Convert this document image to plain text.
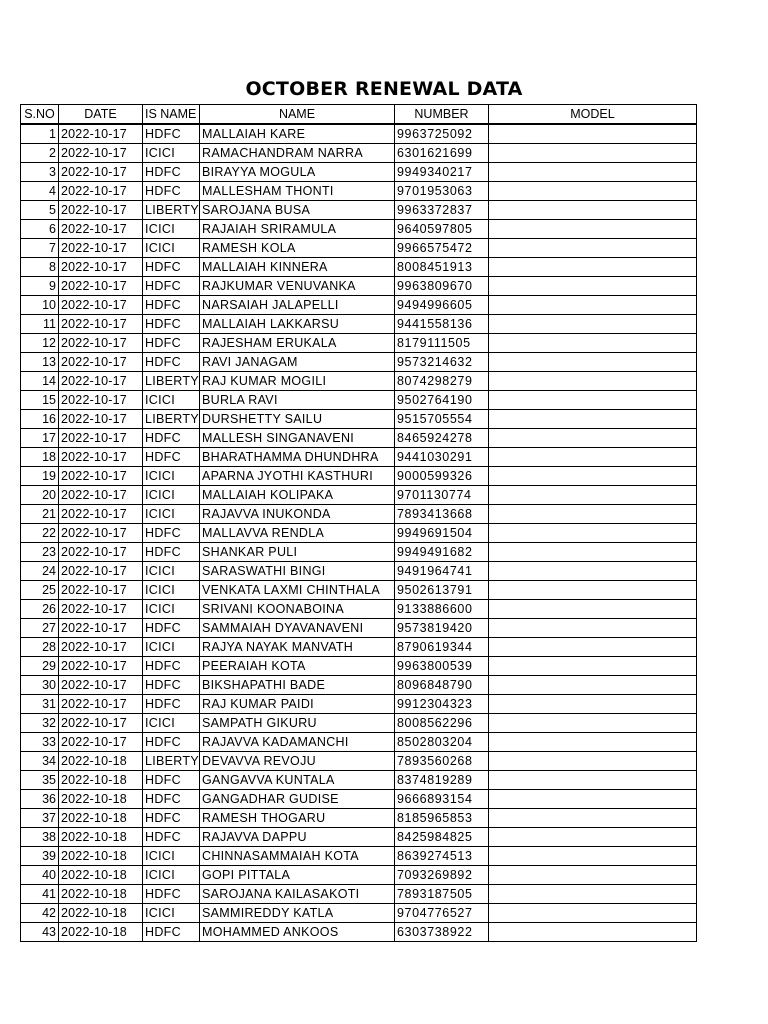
OCTOBER RENEWAL DATA
S.NO	DATE	IS NAME	NAME	NUMBER	MODEL
1	2022-10-17	HDFC	MALLAIAH KARE	9963725092	
2	2022-10-17	ICICI	RAMACHANDRAM NARRA	6301621699	
3	2022-10-17	HDFC	BIRAYYA MOGULA	9949340217	
4	2022-10-17	HDFC	MALLESHAM THONTI	9701953063	
5	2022-10-17	LIBERTY	SAROJANA BUSA	9963372837	
6	2022-10-17	ICICI	RAJAIAH SRIRAMULA	9640597805	
7	2022-10-17	ICICI	RAMESH KOLA	9966575472	
8	2022-10-17	HDFC	MALLAIAH KINNERA	8008451913	
9	2022-10-17	HDFC	RAJKUMAR VENUVANKA	9963809670	
10	2022-10-17	HDFC	NARSAIAH JALAPELLI	9494996605	
11	2022-10-17	HDFC	MALLAIAH LAKKARSU	9441558136	
12	2022-10-17	HDFC	RAJESHAM ERUKALA	8179111505	
13	2022-10-17	HDFC	RAVI JANAGAM	9573214632	
14	2022-10-17	LIBERTY	RAJ KUMAR MOGILI	8074298279	
15	2022-10-17	ICICI	BURLA RAVI	9502764190	
16	2022-10-17	LIBERTY	DURSHETTY SAILU	9515705554	
17	2022-10-17	HDFC	MALLESH SINGANAVENI	8465924278	
18	2022-10-17	HDFC	BHARATHAMMA DHUNDHRA	9441030291	
19	2022-10-17	ICICI	APARNA JYOTHI KASTHURI	9000599326	
20	2022-10-17	ICICI	MALLAIAH KOLIPAKA	9701130774	
21	2022-10-17	ICICI	RAJAVVA INUKONDA	7893413668	
22	2022-10-17	HDFC	MALLAVVA RENDLA	9949691504	
23	2022-10-17	HDFC	SHANKAR PULI	9949491682	
24	2022-10-17	ICICI	SARASWATHI BINGI	9491964741	
25	2022-10-17	ICICI	VENKATA LAXMI CHINTHALA	9502613791	
26	2022-10-17	ICICI	SRIVANI KOONABOINA	9133886600	
27	2022-10-17	HDFC	SAMMAIAH DYAVANAVENI	9573819420	
28	2022-10-17	ICICI	RAJYA NAYAK MANVATH	8790619344	
29	2022-10-17	HDFC	PEERAIAH KOTA	9963800539	
30	2022-10-17	HDFC	BIKSHAPATHI BADE	8096848790	
31	2022-10-17	HDFC	RAJ KUMAR PAIDI	9912304323	
32	2022-10-17	ICICI	SAMPATH GIKURU	8008562296	
33	2022-10-17	HDFC	RAJAVVA KADAMANCHI	8502803204	
34	2022-10-18	LIBERTY	DEVAVVA REVOJU	7893560268	
35	2022-10-18	HDFC	GANGAVVA KUNTALA	8374819289	
36	2022-10-18	HDFC	GANGADHAR GUDISE	9666893154	
37	2022-10-18	HDFC	RAMESH THOGARU	8185965853	
38	2022-10-18	HDFC	RAJAVVA DAPPU	8425984825	
39	2022-10-18	ICICI	CHINNASAMMAIAH KOTA	8639274513	
40	2022-10-18	ICICI	GOPI PITTALA	7093269892	
41	2022-10-18	HDFC	SAROJANA KAILASAKOTI	7893187505	
42	2022-10-18	ICICI	SAMMIREDDY KATLA	9704776527	
43	2022-10-18	HDFC	MOHAMMED ANKOOS	6303738922	
